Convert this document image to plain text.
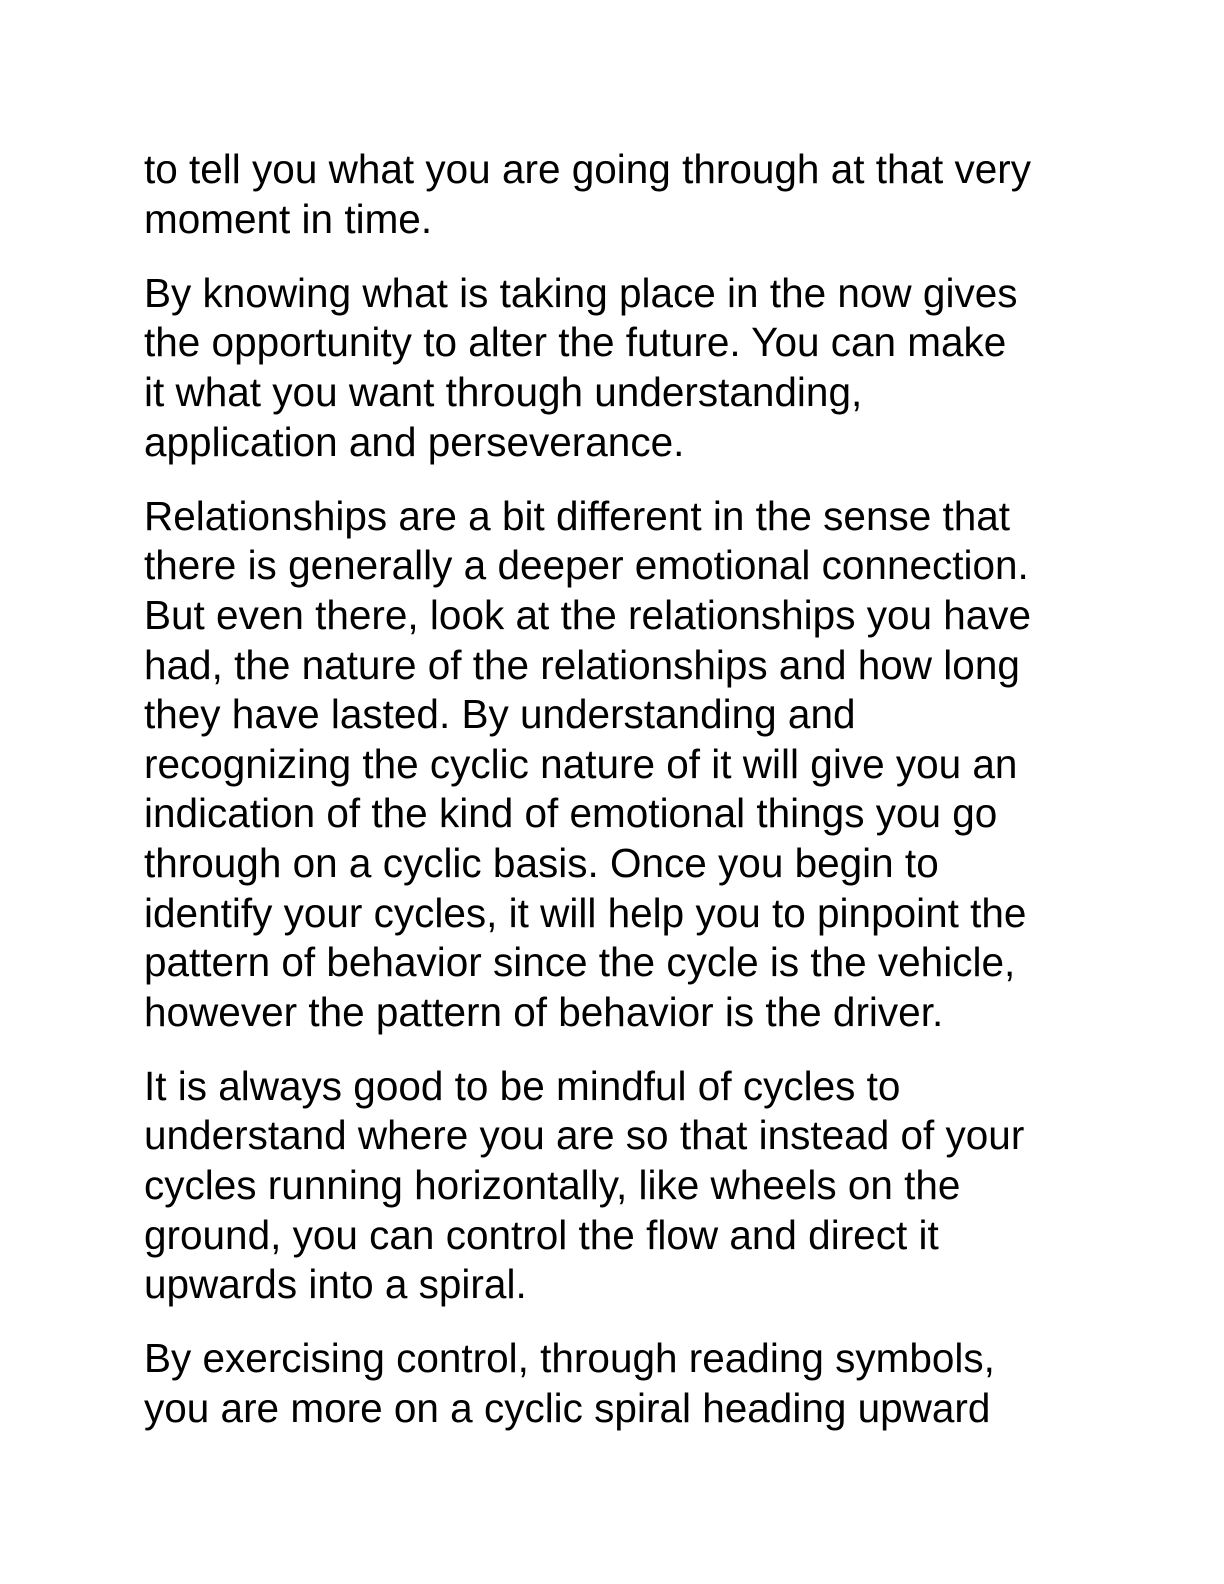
to tell you what you are going through at that very
moment in time.

By knowing what is taking place in the now gives
the opportunity to alter the future. You can make
it what you want through understanding,
application and perseverance.

Relationships are a bit different in the sense that
there is generally a deeper emotional connection.
But even there, look at the relationships you have
had, the nature of the relationships and how long
they have lasted. By understanding and
recognizing the cyclic nature of it will give you an
indication of the kind of emotional things you go
through on a cyclic basis. Once you begin to
identify your cycles, it will help you to pinpoint the
pattern of behavior since the cycle is the vehicle,
however the pattern of behavior is the driver.

It is always good to be mindful of cycles to
understand where you are so that instead of your
cycles running horizontally, like wheels on the
ground, you can control the flow and direct it
upwards into a spiral.

By exercising control, through reading symbols,
you are more on a cyclic spiral heading upward
